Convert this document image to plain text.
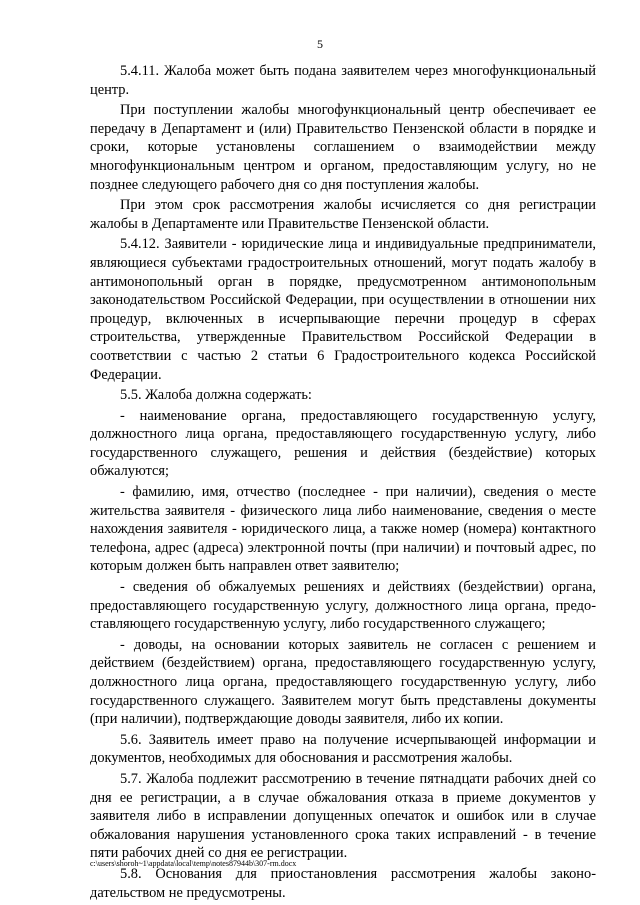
5

5.4.11. Жалоба может быть подана заявителем через многофункциональный центр.

При поступлении жалобы многофункциональный центр обеспечивает ее передачу в Департамент и (или) Правительство Пензенской области в порядке и сроки, которые установлены соглашением о взаимодействии между многофункциональным центром и органом, предоставляющим услугу, но не позднее следующего рабочего дня со дня поступления жалобы.

При этом срок рассмотрения жалобы исчисляется со дня регистрации жалобы в Департаменте или Правительстве Пензенской области.

5.4.12. Заявители - юридические лица и индивидуальные предприниматели, являющиеся субъектами градостроительных отношений, могут подать жалобу в антимонопольный орган в порядке, предусмотренном антимонопольным законодательством Российской Федерации, при осуществлении в отношении них процедур, включенных в исчерпывающие перечни процедур в сферах строительства, утвержденные Правительством Российской Федерации в соответствии с частью 2 статьи 6 Градостроительного кодекса Российской Федерации.

5.5. Жалоба должна содержать:

- наименование органа, предоставляющего государственную услугу, должностного лица органа, предоставляющего государственную услугу, либо государственного служащего, решения и действия (бездействие) которых обжалуются;

- фамилию, имя, отчество (последнее - при наличии), сведения о месте жительства заявителя - физического лица либо наименование, сведения о месте нахождения заявителя - юридического лица, а также номер (номера) контактного телефона, адрес (адреса) электронной почты (при наличии) и почтовый адрес, по которым должен быть направлен ответ заявителю;

- сведения об обжалуемых решениях и действиях (бездействии) органа, предоставляющего государственную услугу, должностного лица органа, предоставляющего государственную услугу, либо государственного служащего;

- доводы, на основании которых заявитель не согласен с решением и действием (бездействием) органа, предоставляющего государственную услугу, должностного лица органа, предоставляющего государственную услугу, либо государственного служащего. Заявителем могут быть представлены документы (при наличии), подтверждающие доводы заявителя, либо их копии.

5.6. Заявитель имеет право на получение исчерпывающей информации и документов, необходимых для обоснования и рассмотрения жалобы.

5.7. Жалоба подлежит рассмотрению в течение пятнадцати рабочих дней со дня ее регистрации, а в случае обжалования отказа в приеме документов у заявителя либо в исправлении допущенных опечаток и ошибок или в случае обжалования нарушения установленного срока таких исправлений - в течение пяти рабочих дней со дня ее регистрации.

5.8. Основания для приостановления рассмотрения жалобы законодательством не предусмотрены.

c:\users\shoroh~1\appdata\local\temp\notes87944b\307-rm.docx
